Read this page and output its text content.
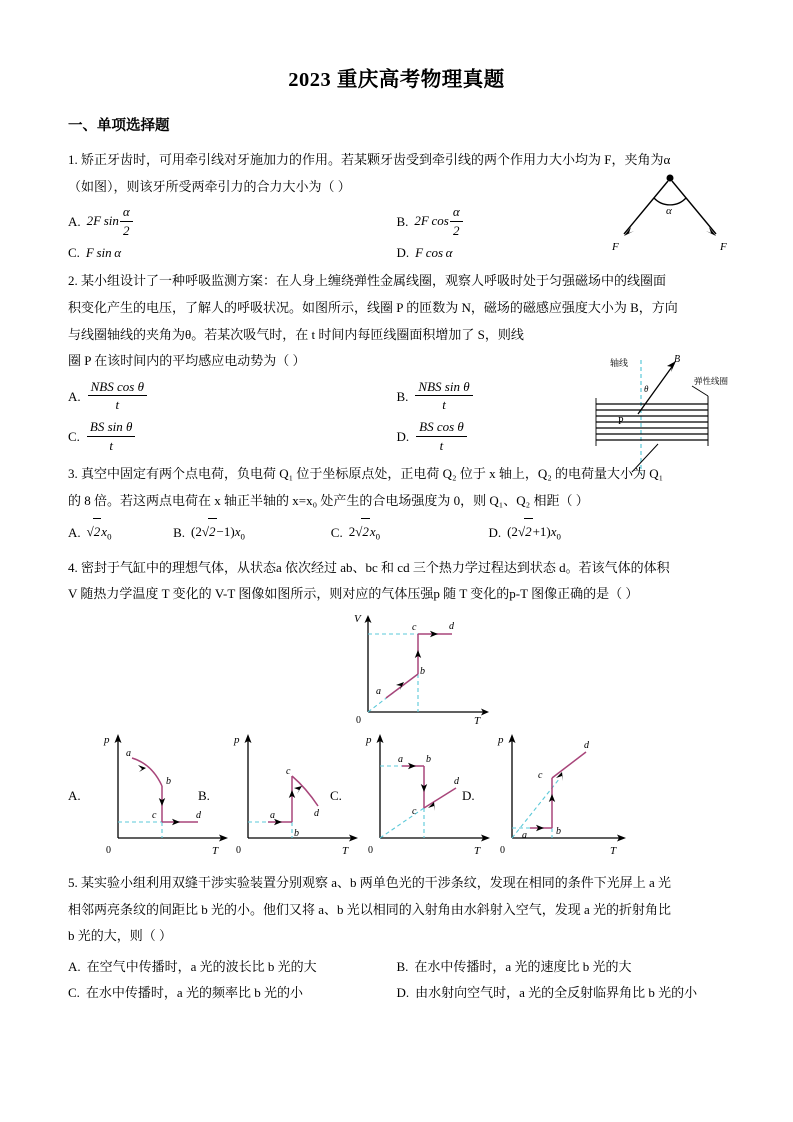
2023 重庆高考物理真题
一、单项选择题

1. 矫正牙齿时，可用牵引线对牙施加力的作用。若某颗牙齿受到牵引线的两个作用力大小均为 F，夹角为α

（如图），则该牙所受两牵引力的合力大小为（ ）

α
F	F
A. 2F  $\sin \frac{\alpha}{2}$	B. 2F  $\cos \frac{\alpha}{2}$
C. F  sin  α	D. F  cos  α

2. 某小组设计了一种呼吸监测方案：在人身上缠绕弹性金属线圈，观察人呼吸时处于匀强磁场中的线圈面

积变化产生的电压，了解人的呼吸状况。如图所示，线圈 P 的匝数为 N，磁场的磁感应强度大小为 B，方向

与线圈轴线的夹角为θ。若某次吸气时，在 t 时间内每匝线圈面积增加了 S，则线

圈 P 在该时间内的平均感应电动势为（ ）	B
轴线
θ
弹性线圈
P
A. $\frac{\text{NBS cos θ}}{t}$	B. $\frac{\text{NBS sin θ}}{t}$
C. $\frac{\text{BS sin θ}}{t}$	D. $\frac{\text{BS cos θ}}{t}$

3. 真空中固定有两个点电荷，负电荷 Q₁ 位于坐标原点处，正电荷 Q₂ 位于 x 轴上，Q₂ 的电荷量大小为 Q₁

的 8 倍。若这两点电荷在 x 轴正半轴的 x=x₀ 处产生的合电场强度为 0，则 Q₁、Q₂ 相距（ ）

A. $√2x_0$	B. $(2√2-1)x_0$	C. $2√2x_0$	D. $(2√2+1)x_0$

4. 密封于气缸中的理想气体，从状态a 依次经过 ab、bc 和 cd 三个热力学过程达到状态 d。若该气体的体积

V 随热力学温度 T 变化的 V-T 图像如图所示，则对应的气体压强p 随 T 变化的p-T 图像正确的是（ ）

V
T
0
a
b
c	d
A.
p
T
0
a
b
c	d
B.
p
T
0
c
b
a	d
C.
p
T
0
a b
c
d
D.
p
T
0
a	b
c
d

5. 某实验小组利用双缝干涉实验装置分别观察 a、b 两单色光的干涉条纹，发现在相同的条件下光屏上 a 光

相邻两亮条纹的间距比 b 光的小。他们又将 a、b 光以相同的入射角由水斜射入空气，发现 a 光的折射角比

b 光的大，则（ ）

A. 在空气中传播时，a 光的波长比 b 光的大	B. 在水中传播时，a 光的速度比 b 光的大
C. 在水中传播时，a 光的频率比 b 光的小	D. 由水射向空气时，a 光的全反射临界角比 b 光的小
